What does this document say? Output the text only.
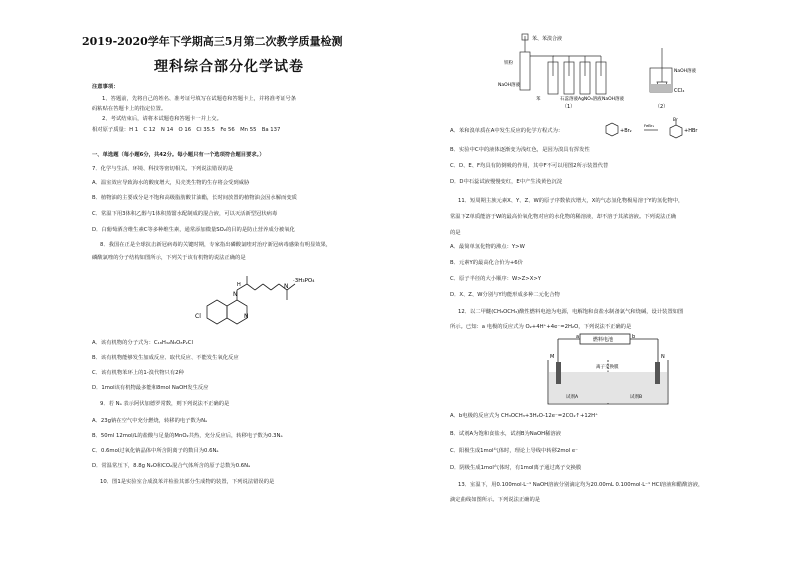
2019-2020学年下学期高三5月第二次教学质量检测
理科综合部分化学试卷
注意事项：
1、答题前，先将自己的姓名、准考证号填写在试题卷和答题卡上，并将准考证号条
码粘贴在答题卡上的指定位置。
2、考试结束后，请将本试题卷和答题卡一并上交。
相对原子质量：H 1　C 12　N 14　O 16　Cl 35.5　Fe 56　Mn 55　Ba 137
一、单选题（每小题6分，共42分。每小题只有一个选项符合题目要求。）
7．化学与生活、环境、科技等密切相关。下列说法错误的是
A．温室效应导致海水的酸度增大，贝壳类生物的生存将会受到威胁
B．植物油的主要成分是不饱和高级脂肪酸甘油酯，长时间放置的植物油会因水解而变质
C．常温下用3体积乙醇与1体积蒸馏水配制成的混合液，可以灭活新型冠状病毒
D．白葡萄酒含维生素C等多种维生素，通常添加微量SO₂的目的是防止营养成分被氧化
8．我国在正是全球抗击新冠病毒的关键时期，专家指出磷酸氯喹对治疗新冠病毒感染有明显效果，
磷酸氯喹的分子结构如图所示，下列关于该有机物的说法正确的是
Cl	N
N
H	N
·3H₃PO₄
A．该有机物的分子式为：C₁₈H₃₂N₃O₈P₂Cl
B．该有机物能够发生加成反应、取代反应、不能发生氧化反应
C．该有机物苯环上的1-溴代物只有2种
D．1mol该有机物最多能和8mol NaOH发生反应
9．若 Nₐ 表示阿伏加德罗常数，则下列说法不正确的是
A．23g钠在空气中充分燃烧，转移的电子数为Nₐ
B．50ml 12mol/L的盐酸与足量的MnO₂共热，充分反应后，转移电子数为0.3Nₐ
C．0.6mol过氧化钠晶体中所含阴离子的数目为0.6Nₐ
D．常温常压下，8.8g N₂O和CO₂混合气体所含的原子总数为0.6Nₐ
10．图1是实验室合成溴苯并检验其部分生成物的装置，下列说法错误的是
苯、苯溴合液
铁粉
NaOH溶液
苯	石蕊溶液 AgNO₃溶液 NaOH溶液
NaOH溶液
CCl₄
（1）	（2）
A．苯和溴单质在A中发生反应的化学方程式为：	+Br₂
FeBr₃
Br
+HBr
B．实验中C中的液体逐渐变为浅红色，是因为溴具有挥发性
C．D、E、F均具有防倒吸的作用，其中F不可以用图2所示装置代替
D．D中石蕊试液慢慢变红，E中产生浅黄色沉淀
11．短周期主族元素X、Y、Z、W的原子序数依次增大，X的气态氢化物极易溶于Y的氢化物中，
常温下Z单质能溶于W的最高价氧化物对应的水化物的稀溶液，却不溶于其浓溶液。下列说法正确
的是
A．最简单氢化物的沸点：Y>W
B．元素Y的最高化合价为+6价
C．原子半径的大小顺序：W>Z>X>Y
D．X、Z、W分别与Y均能形成多种二元化合物
12．以二甲醚(CH₃OCH₃)酸性燃料电池为电源，电解饱和食盐水制备氯气和烧碱，设计装置如图
所示。已知：a 电极的反应式为 O₂+4H⁺+4e⁻=2H₂O，下列说法不正确的是
燃料电池
a	b
M	N
离子交换膜
试剂A	试剂B
A．b电极的反应式为 CH₃OCH₃+3H₂O-12e⁻=2CO₂↑+12H⁺
B．试剂A为饱和食盐水，试剂B为NaOH稀溶液
C．阳极生成1mol气体时，理论上导线中转移2mol e⁻
D．阴极生成1mol气体时，有1mol离子通过离子交换膜
13．室温下，用0.100mol·L⁻¹ NaOH溶液分别滴定均为20.00mL 0.100mol·L⁻¹ HCl溶液和醋酸溶液，
滴定曲线如图所示。下列说法正确的是
